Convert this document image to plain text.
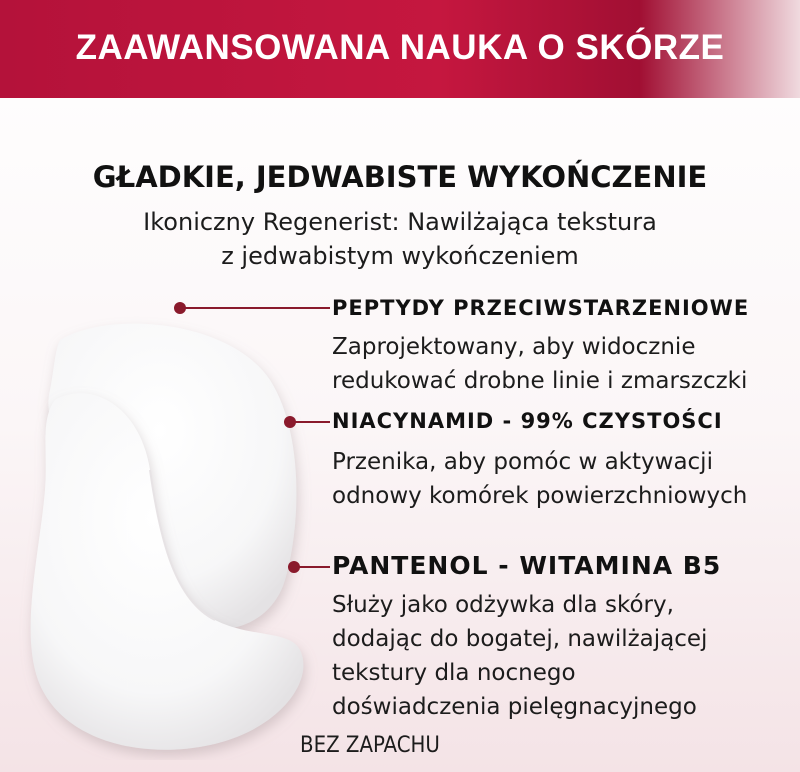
ZAAWANSOWANA NAUKA O SKÓRZE
GŁADKIE, JEDWABISTE WYKOŃCZENIE
Ikoniczny Regenerist: Nawilżająca tekstura
z jedwabistym wykończeniem
PEPTYDY PRZECIWSTARZENIOWE
Zaprojektowany, aby widocznie
redukować drobne linie i zmarszczki
NIACYNAMID - 99% CZYSTOŚCI
Przenika, aby pomóc w aktywacji
odnowy komórek powierzchniowych
PANTENOL - WITAMINA B5
Służy jako odżywka dla skóry,
dodając do bogatej, nawilżającej
tekstury dla nocnego
doświadczenia pielęgnacyjnego
BEZ ZAPACHU
